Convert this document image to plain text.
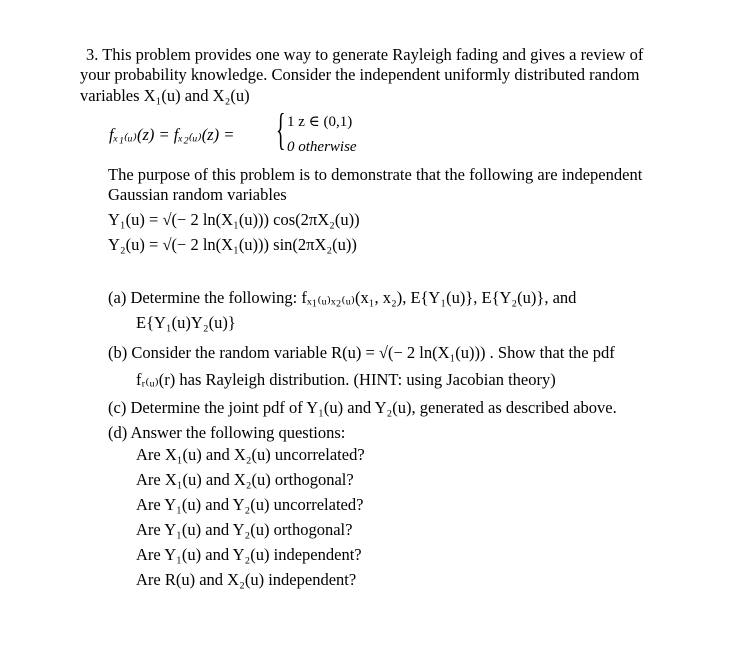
3. This problem provides one way to generate Rayleigh fading and gives a review of
your probability knowledge. Consider the independent uniformly distributed random
variables X₁(u) and X₂(u)
fₓ₁₍ᵤ₎(z) = fₓ₂₍ᵤ₎(z) = { 1 z ∈ (0,1)
0 otherwise
The purpose of this problem is to demonstrate that the following are independent
Gaussian random variables
Y₁(u) = √(− 2 ln(X₁(u))) cos(2πX₂(u))
Y₂(u) = √(− 2 ln(X₁(u))) sin(2πX₂(u))
(a) Determine the following: fₓ₁₍ᵤ₎ₓ₂₍ᵤ₎(x₁, x₂), E{Y₁(u)}, E{Y₂(u)}, and
E{Y₁(u)Y₂(u)}
(b) Consider the random variable R(u) = √(− 2 ln(X₁(u))) . Show that the pdf
fᵣ₍ᵤ₎(r) has Rayleigh distribution. (HINT: using Jacobian theory)
(c) Determine the joint pdf of Y₁(u) and Y₂(u), generated as described above.
(d) Answer the following questions:
Are X₁(u) and X₂(u) uncorrelated?
Are X₁(u) and X₂(u) orthogonal?
Are Y₁(u) and Y₂(u) uncorrelated?
Are Y₁(u) and Y₂(u) orthogonal?
Are Y₁(u) and Y₂(u) independent?
Are R(u) and X₂(u) independent?
